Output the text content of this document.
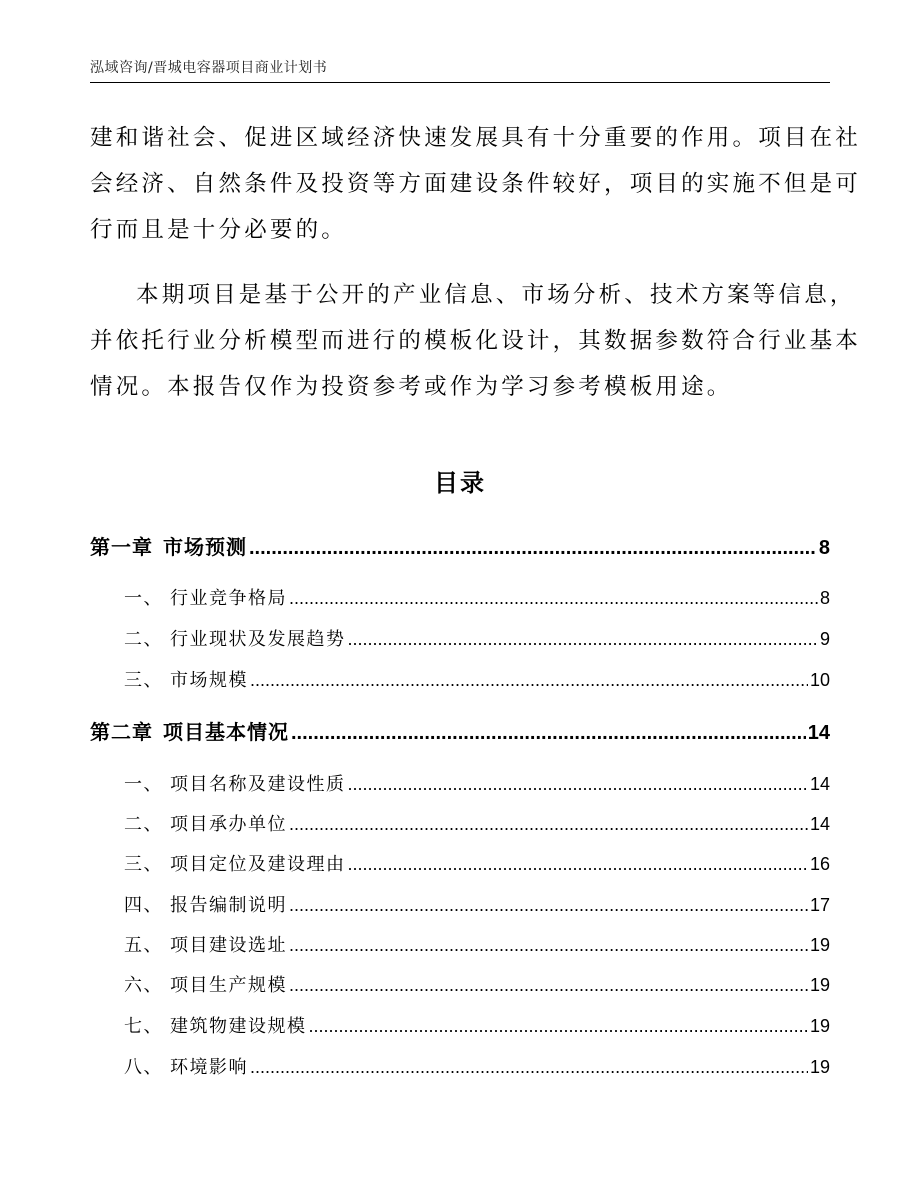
泓域咨询/晋城电容器项目商业计划书
建和谐社会、促进区域经济快速发展具有十分重要的作用。项目在社
会经济、自然条件及投资等方面建设条件较好，项目的实施不但是可
行而且是十分必要的。
本期项目是基于公开的产业信息、市场分析、技术方案等信息，
并依托行业分析模型而进行的模板化设计，其数据参数符合行业基本
情况。本报告仅作为投资参考或作为学习参考模板用途。
目录
第一章 市场预测 .....	8
一、 行业竞争格局 .....	8
二、 行业现状及发展趋势 .....	9
三、 市场规模 .....	10
第二章 项目基本情况 .....	14
一、 项目名称及建设性质 .....	14
二、 项目承办单位 .....	14
三、 项目定位及建设理由 .....	16
四、 报告编制说明 .....	17
五、 项目建设选址 .....	19
六、 项目生产规模 .....	19
七、 建筑物建设规模 .....	19
八、 环境影响 .....	19
